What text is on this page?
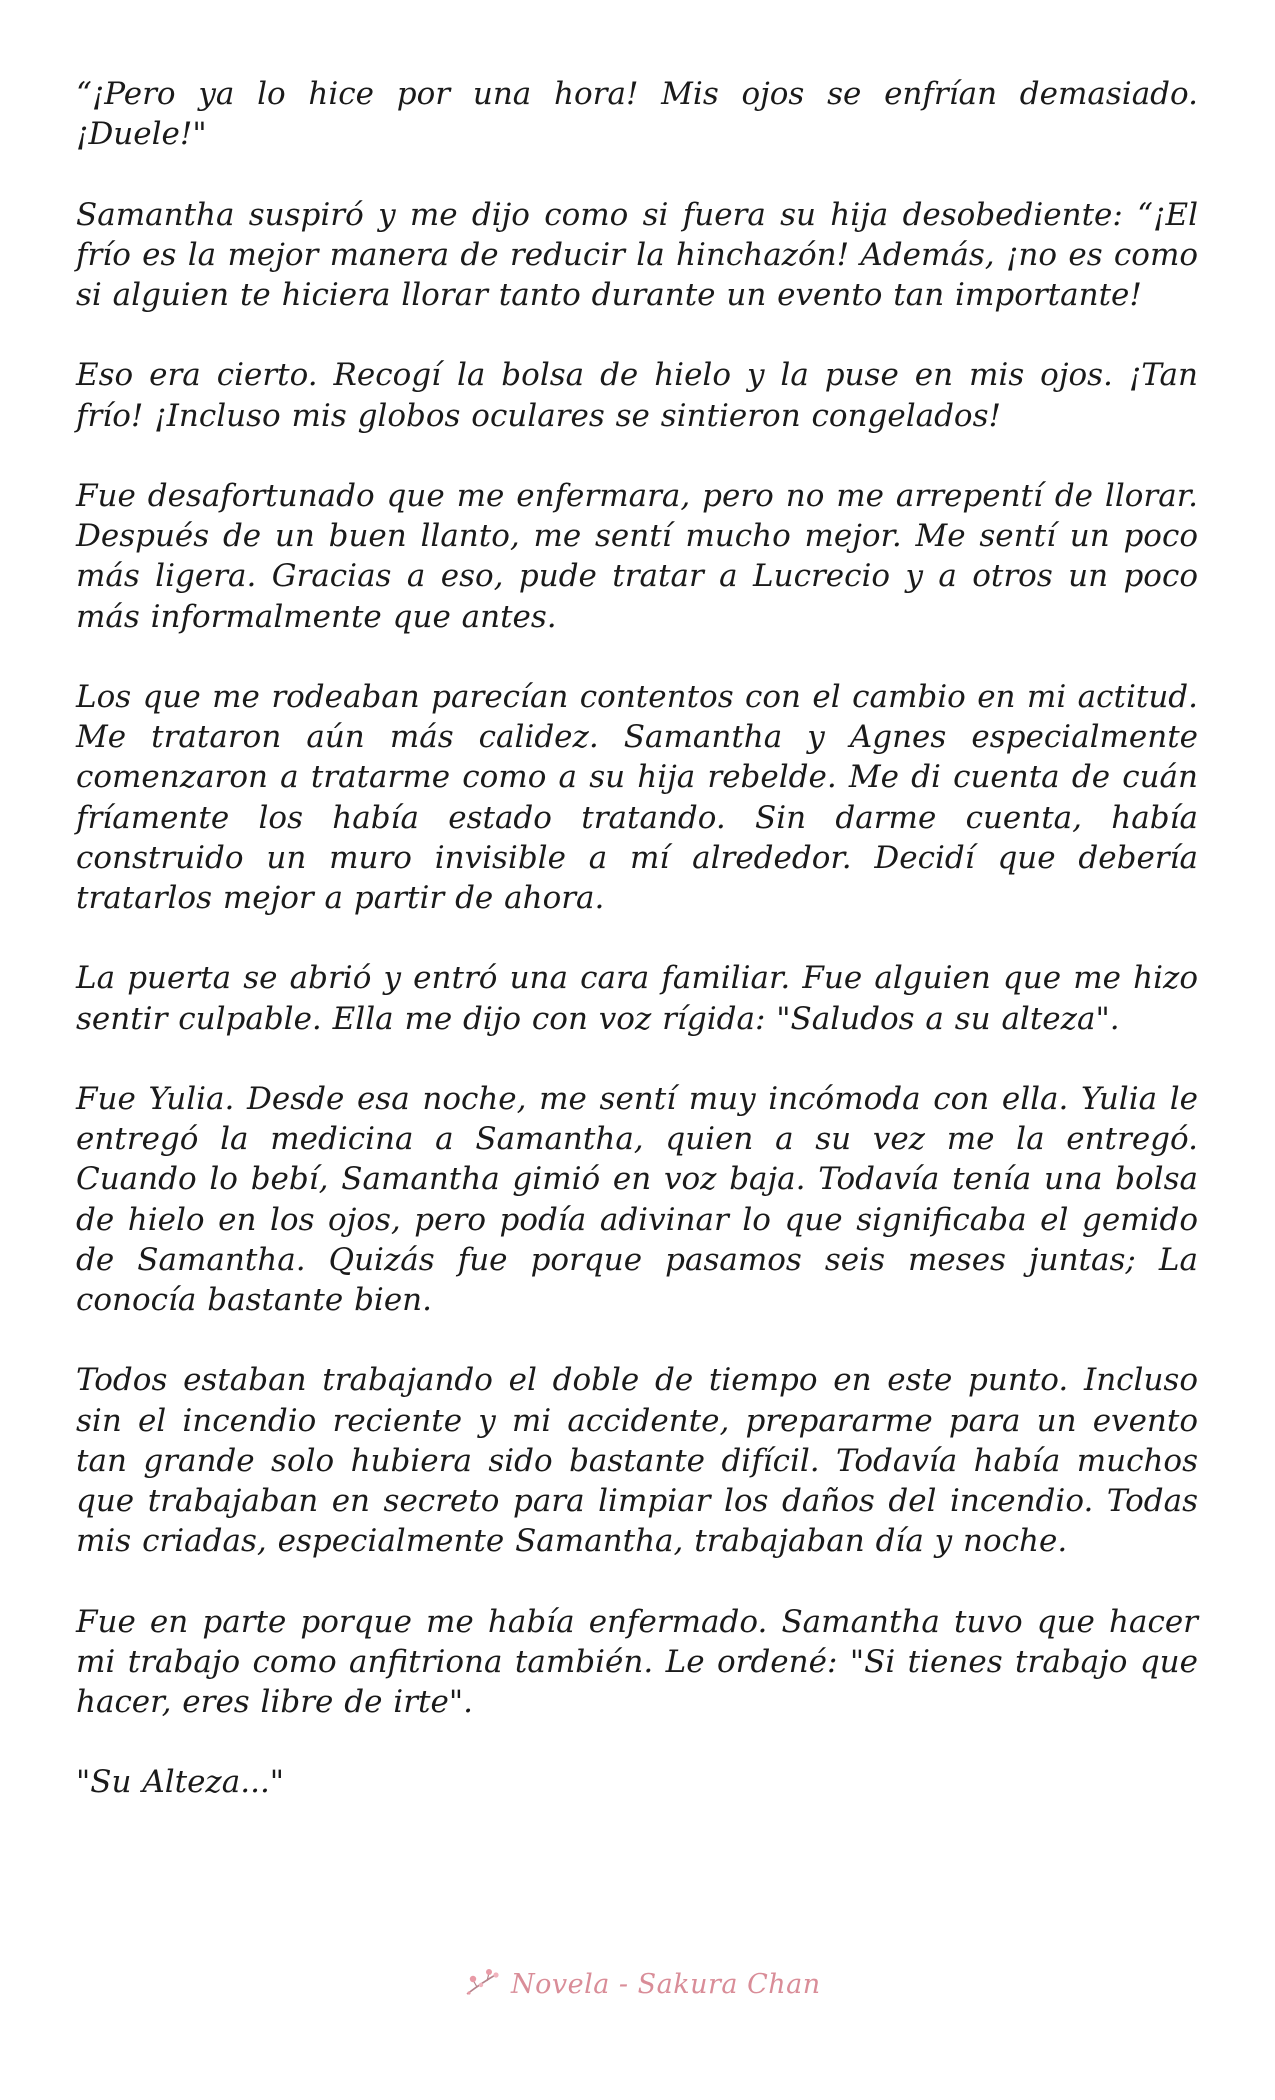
“¡Pero ya lo hice por una hora! Mis ojos se enfrían demasiado. ¡Duele!"

Samantha suspiró y me dijo como si fuera su hija desobediente: “¡El frío es la mejor manera de reducir la hinchazón! Además, ¡no es como si alguien te hiciera llorar tanto durante un evento tan importante!

Eso era cierto. Recogí la bolsa de hielo y la puse en mis ojos. ¡Tan frío! ¡Incluso mis globos oculares se sintieron congelados!

Fue desafortunado que me enfermara, pero no me arrepentí de llorar. Después de un buen llanto, me sentí mucho mejor. Me sentí un poco más ligera. Gracias a eso, pude tratar a Lucrecio y a otros un poco más informalmente que antes.

Los que me rodeaban parecían contentos con el cambio en mi actitud. Me trataron aún más calidez. Samantha y Agnes especialmente comenzaron a tratarme como a su hija rebelde. Me di cuenta de cuán fríamente los había estado tratando. Sin darme cuenta, había construido un muro invisible a mí alrededor. Decidí que debería tratarlos mejor a partir de ahora.

La puerta se abrió y entró una cara familiar. Fue alguien que me hizo sentir culpable. Ella me dijo con voz rígida: "Saludos a su alteza".

Fue Yulia. Desde esa noche, me sentí muy incómoda con ella. Yulia le entregó la medicina a Samantha, quien a su vez me la entregó. Cuando lo bebí, Samantha gimió en voz baja. Todavía tenía una bolsa de hielo en los ojos, pero podía adivinar lo que significaba el gemido de Samantha. Quizás fue porque pasamos seis meses juntas; La conocía bastante bien.

Todos estaban trabajando el doble de tiempo en este punto. Incluso sin el incendio reciente y mi accidente, prepararme para un evento tan grande solo hubiera sido bastante difícil. Todavía había muchos que trabajaban en secreto para limpiar los daños del incendio. Todas mis criadas, especialmente Samantha, trabajaban día y noche.

Fue en parte porque me había enfermado. Samantha tuvo que hacer mi trabajo como anfitriona también. Le ordené: "Si tienes trabajo que hacer, eres libre de irte".

"Su Alteza..."

Novela - Sakura Chan
